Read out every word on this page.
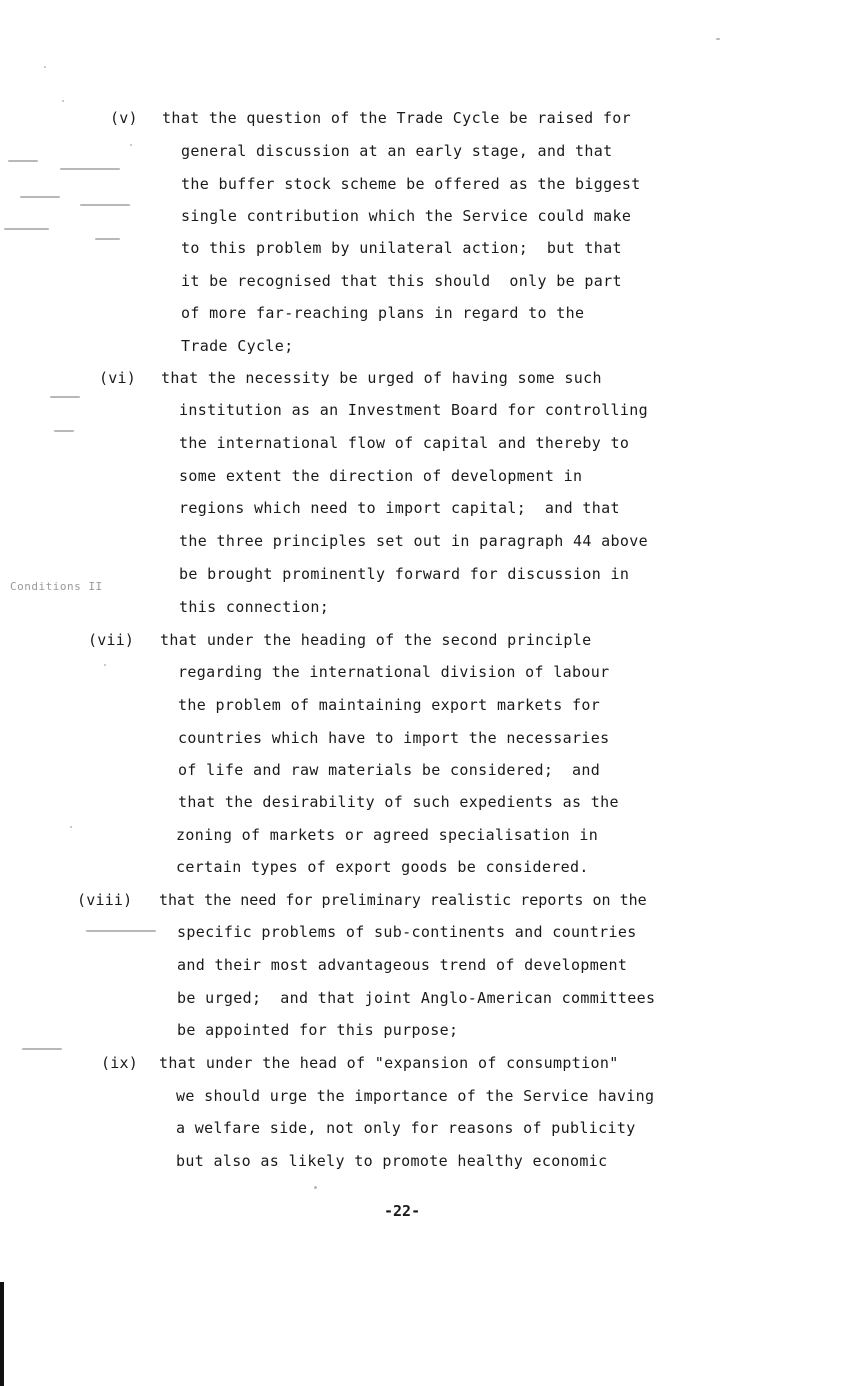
Conditions II
(v) that the question of the Trade Cycle be raised for
general discussion at an early stage, and that
the buffer stock scheme be offered as the biggest
single contribution which the Service could make
to this problem by unilateral action;  but that
it be recognised that this should  only be part
of more far-reaching plans in regard to the
Trade Cycle;
(vi) that the necessity be urged of having some such
institution as an Investment Board for controlling
the international flow of capital and thereby to
some extent the direction of development in
regions which need to import capital;  and that
the three principles set out in paragraph 44 above
be brought prominently forward for discussion in
this connection;
(vii) that under the heading of the second principle
regarding the international division of labour
the problem of maintaining export markets for
countries which have to import the necessaries
of life and raw materials be considered;  and
that the desirability of such expedients as the
zoning of markets or agreed specialisation in
certain types of export goods be considered.
(viii) that the need for preliminary realistic reports on the
specific problems of sub-continents and countries
and their most advantageous trend of development
be urged;  and that joint Anglo-American committees
be appointed for this purpose;
(ix) that under the head of "expansion of consumption"
we should urge the importance of the Service having
a welfare side, not only for reasons of publicity
but also as likely to promote healthy economic
-22-
